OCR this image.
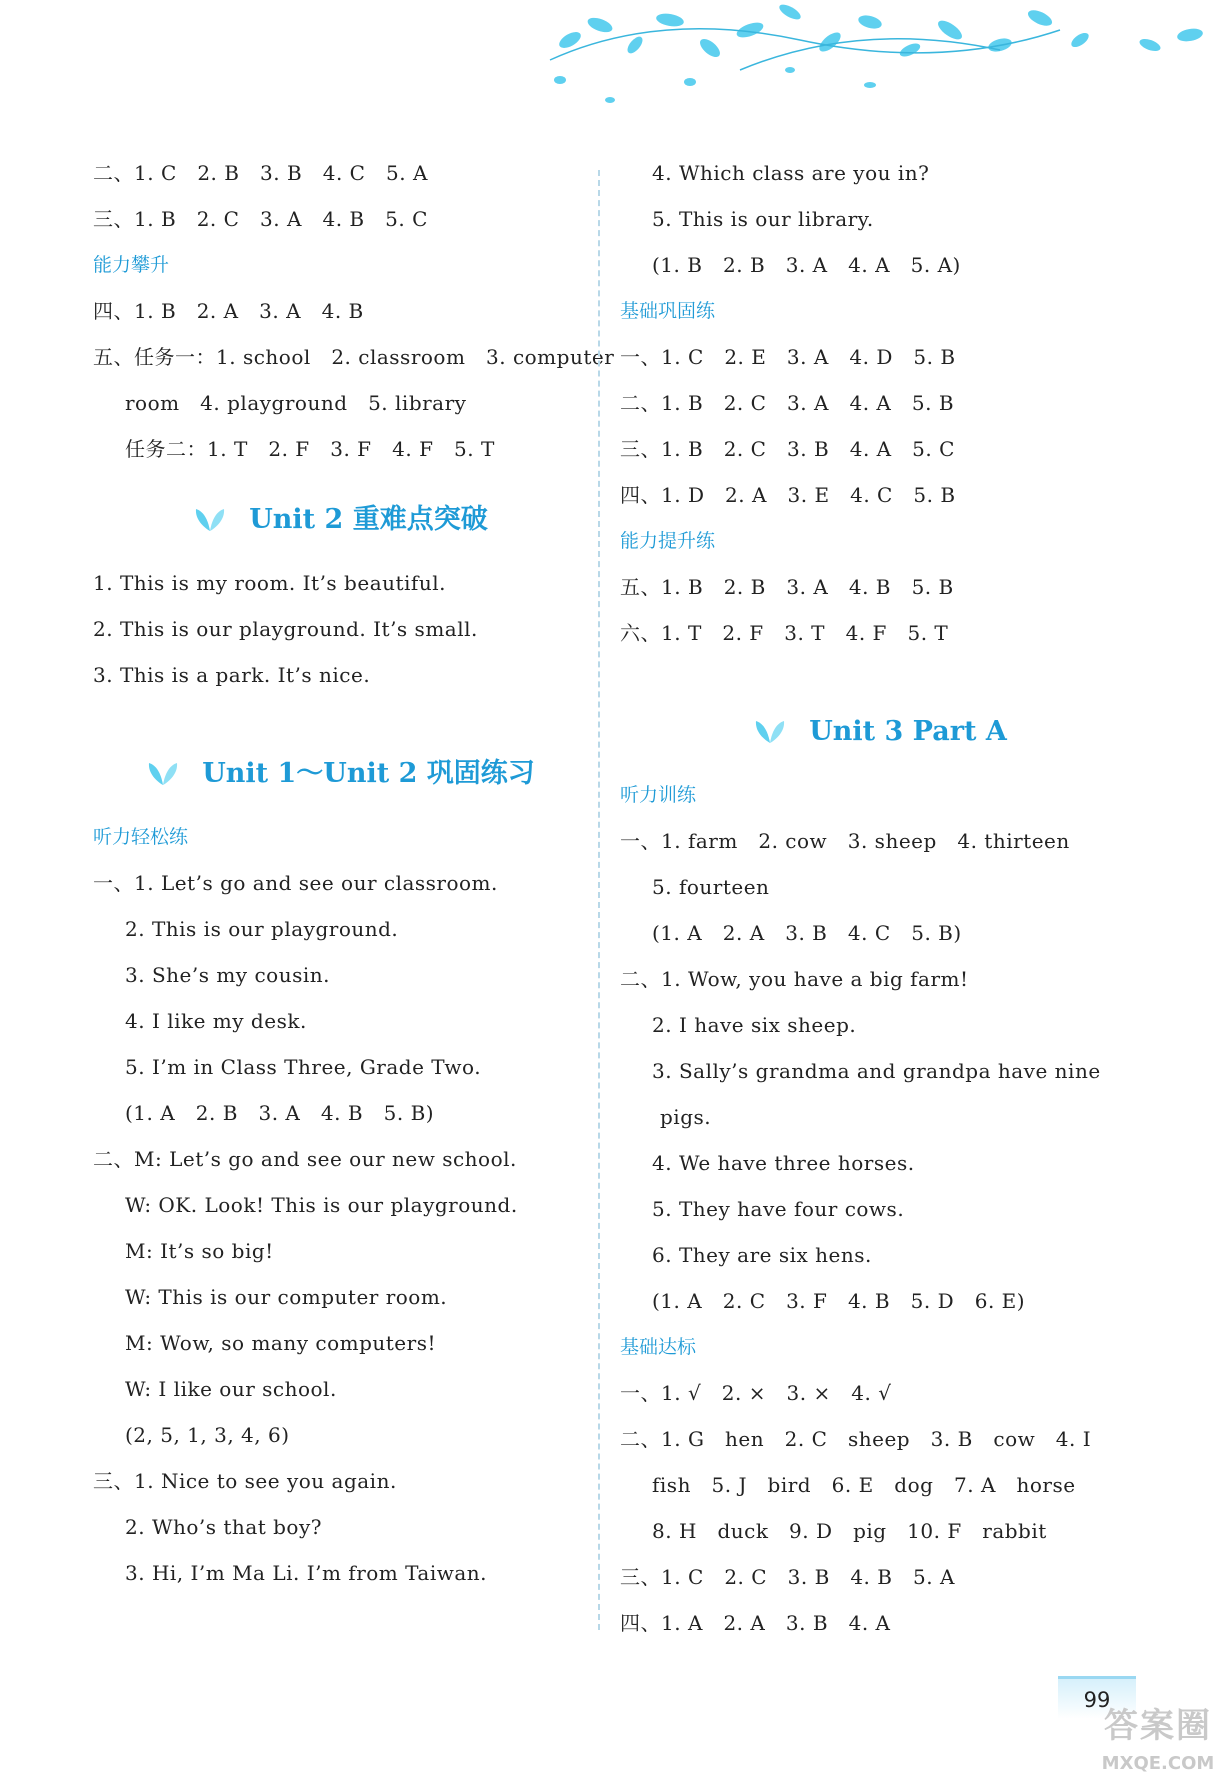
二、1. C   2. B   3. B   4. C   5. A
三、1. B   2. C   3. A   4. B   5. C
能力攀升
四、1. B   2. A   3. A   4. B
五、任务一：1. school   2. classroom   3. computer
room   4. playground   5. library
任务二：1. T   2. F   3. F   4. F   5. T
Unit 2 重难点突破
1. This is my room. It’s beautiful.
2. This is our playground. It’s small.
3. This is a park. It’s nice.
Unit 1～Unit 2 巩固练习
听力轻松练
一、1. Let’s go and see our classroom.
2. This is our playground.
3. She’s my cousin.
4. I like my desk.
5. I’m in Class Three, Grade Two.
(1. A   2. B   3. A   4. B   5. B)
二、M: Let’s go and see our new school.
W: OK. Look! This is our playground.
M: It’s so big!
W: This is our computer room.
M: Wow, so many computers!
W: I like our school.
(2, 5, 1, 3, 4, 6)
三、1. Nice to see you again.
2. Who’s that boy?
3. Hi, I’m Ma Li. I’m from Taiwan.
4. Which class are you in?
5. This is our library.
(1. B   2. B   3. A   4. A   5. A)
基础巩固练
一、1. C   2. E   3. A   4. D   5. B
二、1. B   2. C   3. A   4. A   5. B
三、1. B   2. C   3. B   4. A   5. C
四、1. D   2. A   3. E   4. C   5. B
能力提升练
五、1. B   2. B   3. A   4. B   5. B
六、1. T   2. F   3. T   4. F   5. T
Unit 3 Part A
听力训练
一、1. farm   2. cow   3. sheep   4. thirteen
5. fourteen
(1. A   2. A   3. B   4. C   5. B)
二、1. Wow, you have a big farm!
2. I have six sheep.
3. Sally’s grandma and grandpa have nine
pigs.
4. We have three horses.
5. They have four cows.
6. They are six hens.
(1. A   2. C   3. F   4. B   5. D   6. E)
基础达标
一、1. √   2. ×   3. ×   4. √
二、1. G   hen   2. C   sheep   3. B   cow   4. I
fish   5. J   bird   6. E   dog   7. A   horse
8. H   duck   9. D   pig   10. F   rabbit
三、1. C   2. C   3. B   4. B   5. A
四、1. A   2. A   3. B   4. A
99
答案圈
MXQE.COM
